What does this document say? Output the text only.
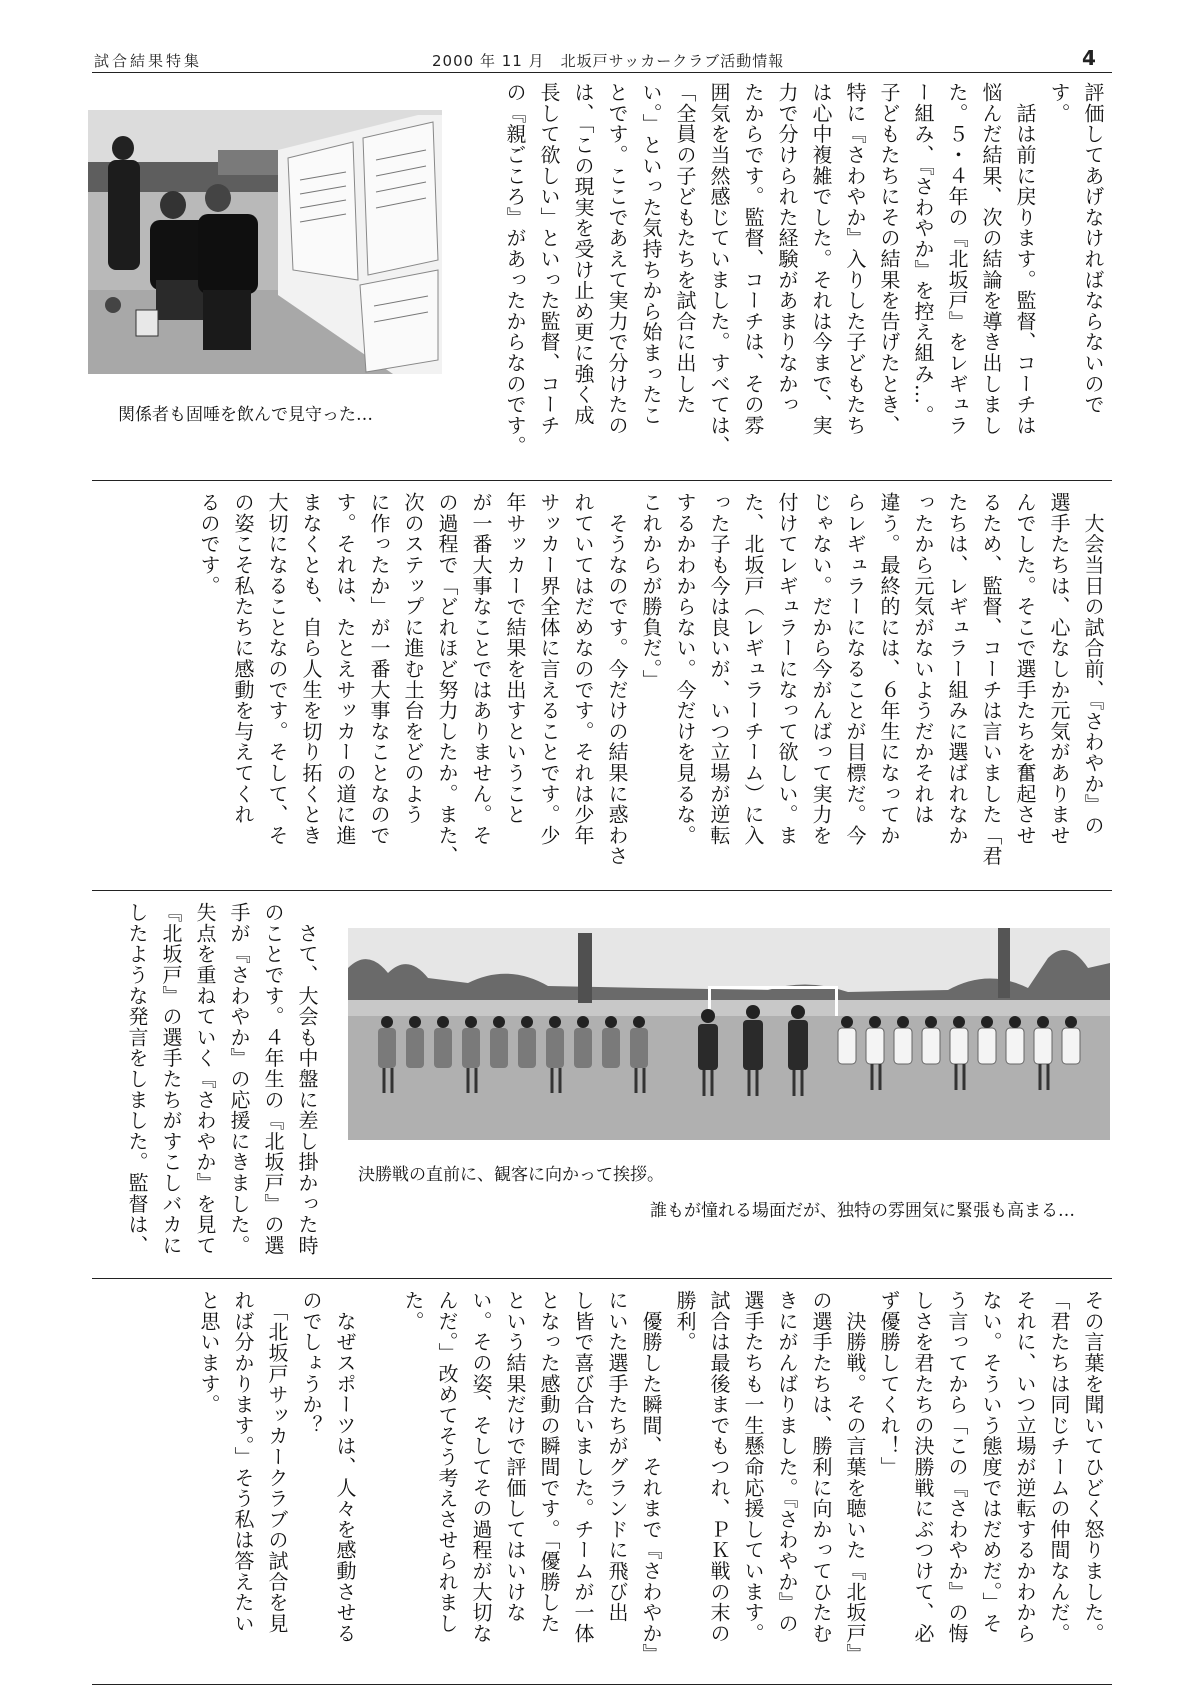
試合結果特集	2000 年 11 月　北坂戸サッカークラブ活動情報	4
評価してあげなければならないので
す。
　話は前に戻ります。監督、コーチは
悩んだ結果、次の結論を導き出しまし
た。５・４年の『北坂戸』をレギュラ
ー組み、『さわやか』を控え組み…。
子どもたちにその結果を告げたとき、
特に『さわやか』入りした子どもたち
は心中複雑でした。それは今まで、実
力で分けられた経験があまりなかっ
たからです。監督、コーチは、その雰
囲気を当然感じていました。すべては、
「全員の子どもたちを試合に出した
い。」といった気持ちから始まったこ
とです。ここであえて実力で分けたの
は、「この現実を受け止め更に強く成
長して欲しい」といった監督、コーチ
の『親ごころ』があったからなのです。
関係者も固唾を飲んで見守った…
　大会当日の試合前、『さわやか』の
選手たちは、心なしか元気がありませ
んでした。そこで選手たちを奮起させ
るため、監督、コーチは言いました「君
たちは、レギュラー組みに選ばれなか
ったから元気がないようだかそれは
違う。最終的には、６年生になってか
らレギュラーになることが目標だ。今
じゃない。だから今がんばって実力を
付けてレギュラーになって欲しい。ま
た、北坂戸（レギュラーチーム）に入
った子も今は良いが、いつ立場が逆転
するかわからない。今だけを見るな。
これからが勝負だ。」
　そうなのです。今だけの結果に惑わさ
れていてはだめなのです。それは少年
サッカー界全体に言えることです。少
年サッカーで結果を出すということ
が一番大事なことではありません。そ
の過程で「どれほど努力したか。また、
次のステップに進む土台をどのよう
に作ったか」が一番大事なことなので
す。それは、たとえサッカーの道に進
まなくとも、自ら人生を切り拓くとき
大切になることなのです。そして、そ
の姿こそ私たちに感動を与えてくれ
るのです。
　さて、大会も中盤に差し掛かった時
のことです。４年生の『北坂戸』の選
手が『さわやか』の応援にきました。
失点を重ねていく『さわやか』を見て
『北坂戸』の選手たちがすこしバカに
したような発言をしました。監督は、	決勝戦の直前に、観客に向かって挨拶。
誰もが憧れる場面だが、独特の雰囲気に緊張も高まる…
その言葉を聞いてひどく怒りました。
「君たちは同じチームの仲間なんだ。
それに、いつ立場が逆転するかわから
ない。そういう態度ではだめだ。」そ
う言ってから「この『さわやか』の悔
しさを君たちの決勝戦にぶつけて、必
ず優勝してくれ！」
　決勝戦。その言葉を聴いた『北坂戸』
の選手たちは、勝利に向かってひたむ
きにがんばりました。『さわやか』の
選手たちも一生懸命応援しています。
試合は最後までもつれ、ＰＫ戦の末の
勝利。
　優勝した瞬間、それまで『さわやか』
にいた選手たちがグランドに飛び出
し皆で喜び合いました。チームが一体
となった感動の瞬間です。「優勝した
という結果だけで評価してはいけな
い。その姿、そしてその過程が大切な
んだ。」改めてそう考えさせられまし
た。

　なぜスポーツは、人々を感動させる
のでしょうか？
　「北坂戸サッカークラブの試合を見
れば分かります。」そう私は答えたい
と思います。
